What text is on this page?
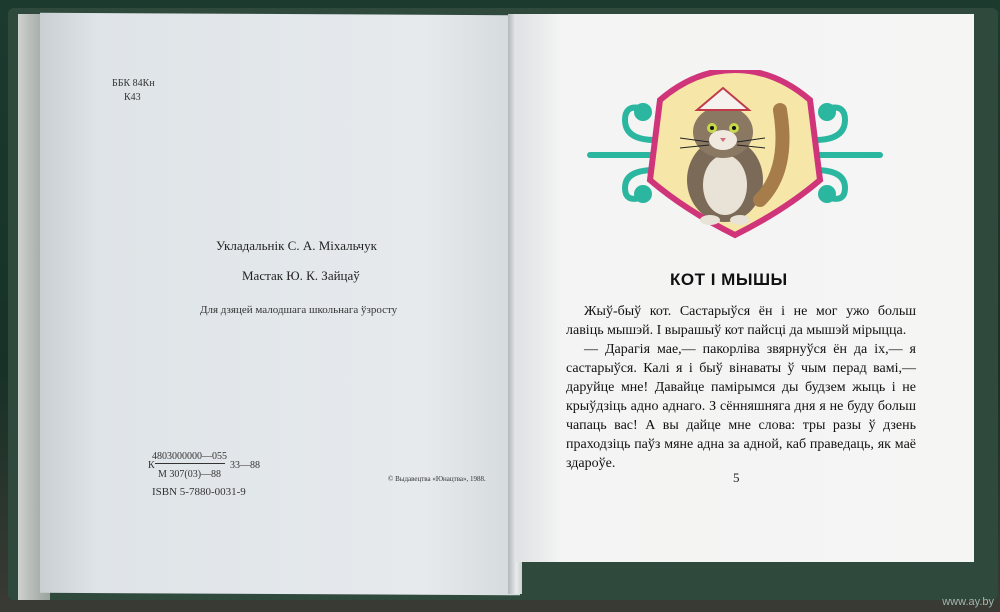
ББК 84Кн
К43
Укладальнік С. А. Міхальчук
Мастак Ю. К. Зайцаў
Для дзяцей малодшага школьнага ўзросту
4803000000—055
К	33—88
М 307(03)—88
ISBN 5-7880-0031-9
© Выдавецтва «Юнацтва», 1988.
КОТ І МЫШЫ

Жыў-быў кот. Састарыўся ён і не мог ужо больш лавіць мышэй. І вырашыў кот пайсці да мышэй мірыцца.

— Дарагія мае,— пакорліва звярнуўся ён да іх,— я састарыўся. Калі я і быў вінаваты ў чым перад вамі,— даруйце мне! Давайце памірымся ды будзем жыць і не крыўдзіць адно аднаго. З сённяшняга дня я не буду больш чапаць вас! А вы дайце мне слова: тры разы ў дзень праходзіць паўз мяне адна за адной, каб праведаць, як маё здароўе.

5
www.ay.by
